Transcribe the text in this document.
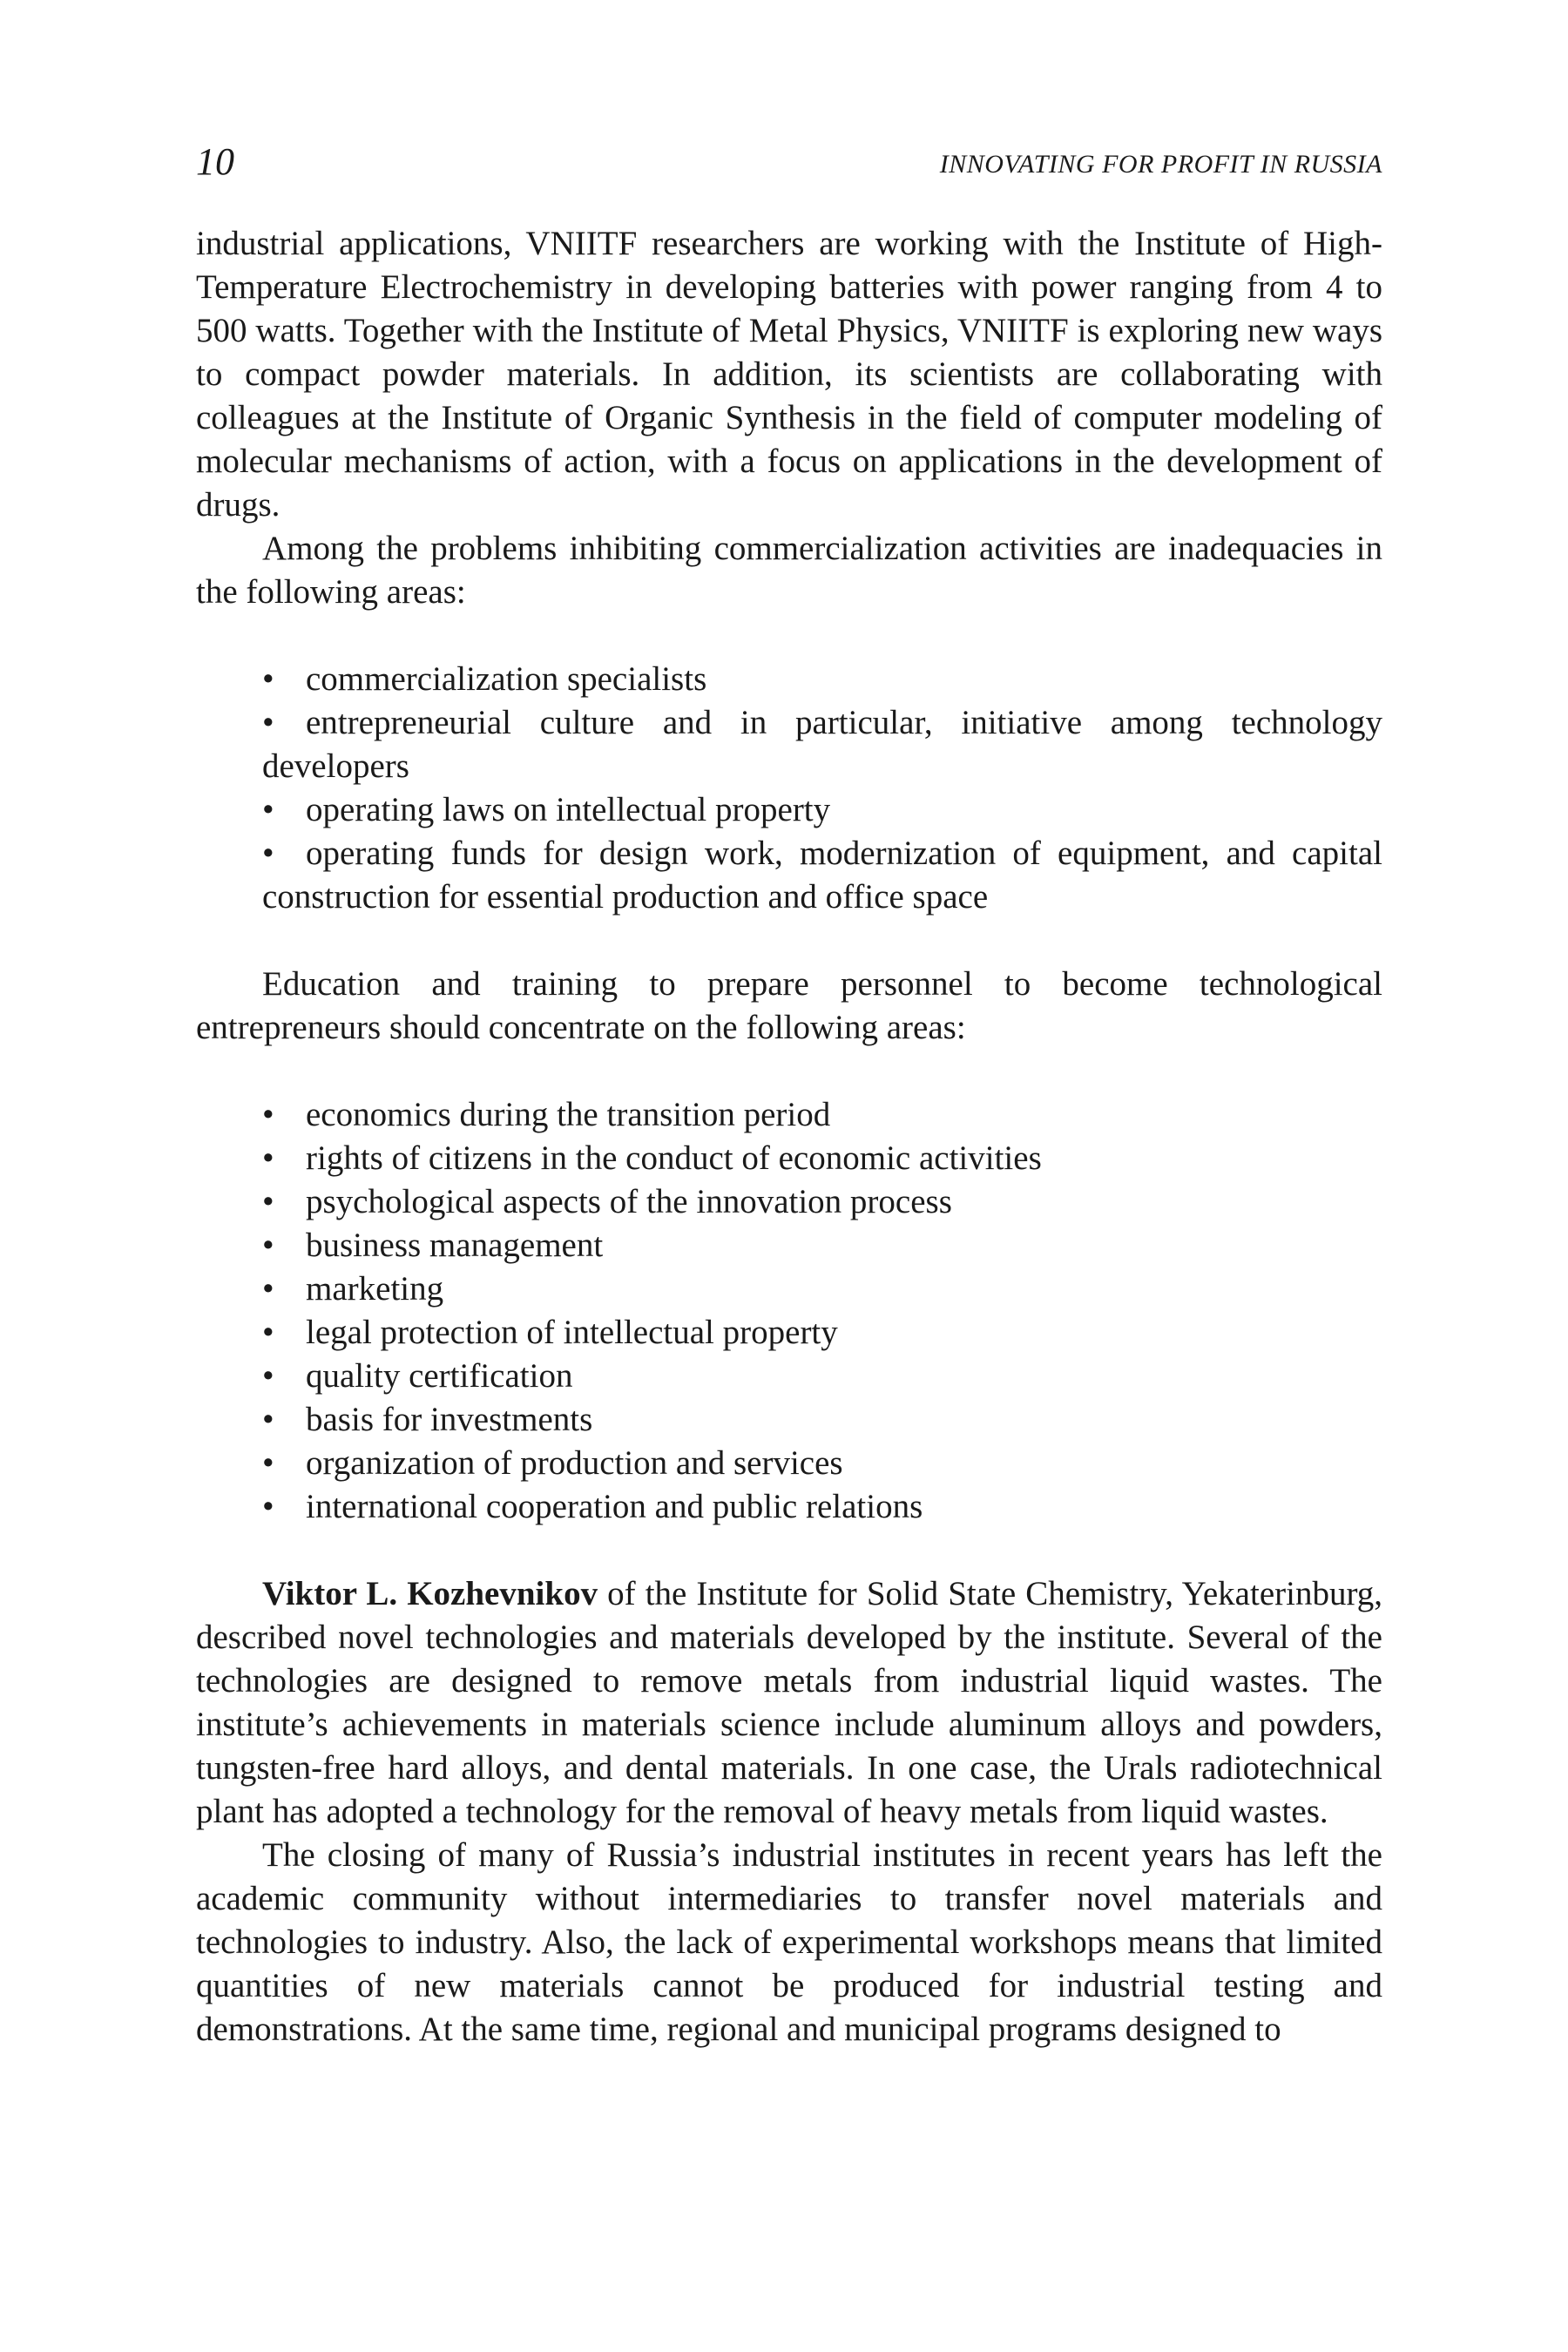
10	INNOVATING FOR PROFIT IN RUSSIA

industrial applications, VNIITF researchers are working with the Institute of High-Temperature Electrochemistry in developing batteries with power ranging from 4 to 500 watts. Together with the Institute of Metal Physics, VNIITF is exploring new ways to compact powder materials. In addition, its scientists are collaborating with colleagues at the Institute of Organic Synthesis in the field of computer modeling of molecular mechanisms of action, with a focus on applications in the development of drugs.

Among the problems inhibiting commercialization activities are inadequacies in the following areas:

• commercialization specialists

• entrepreneurial culture and in particular, initiative among technology developers

• operating laws on intellectual property

• operating funds for design work, modernization of equipment, and capital construction for essential production and office space

Education and training to prepare personnel to become technological entrepreneurs should concentrate on the following areas:

• economics during the transition period
• rights of citizens in the conduct of economic activities
• psychological aspects of the innovation process
• business management
• marketing
• legal protection of intellectual property
• quality certification
• basis for investments
• organization of production and services
• international cooperation and public relations

Viktor L. Kozhevnikov of the Institute for Solid State Chemistry, Yekaterinburg, described novel technologies and materials developed by the institute. Several of the technologies are designed to remove metals from industrial liquid wastes. The institute’s achievements in materials science include aluminum alloys and powders, tungsten-free hard alloys, and dental materials. In one case, the Urals radiotechnical plant has adopted a technology for the removal of heavy metals from liquid wastes.

The closing of many of Russia’s industrial institutes in recent years has left the academic community without intermediaries to transfer novel materials and technologies to industry. Also, the lack of experimental workshops means that limited quantities of new materials cannot be produced for industrial testing and demonstrations. At the same time, regional and municipal programs designed to
